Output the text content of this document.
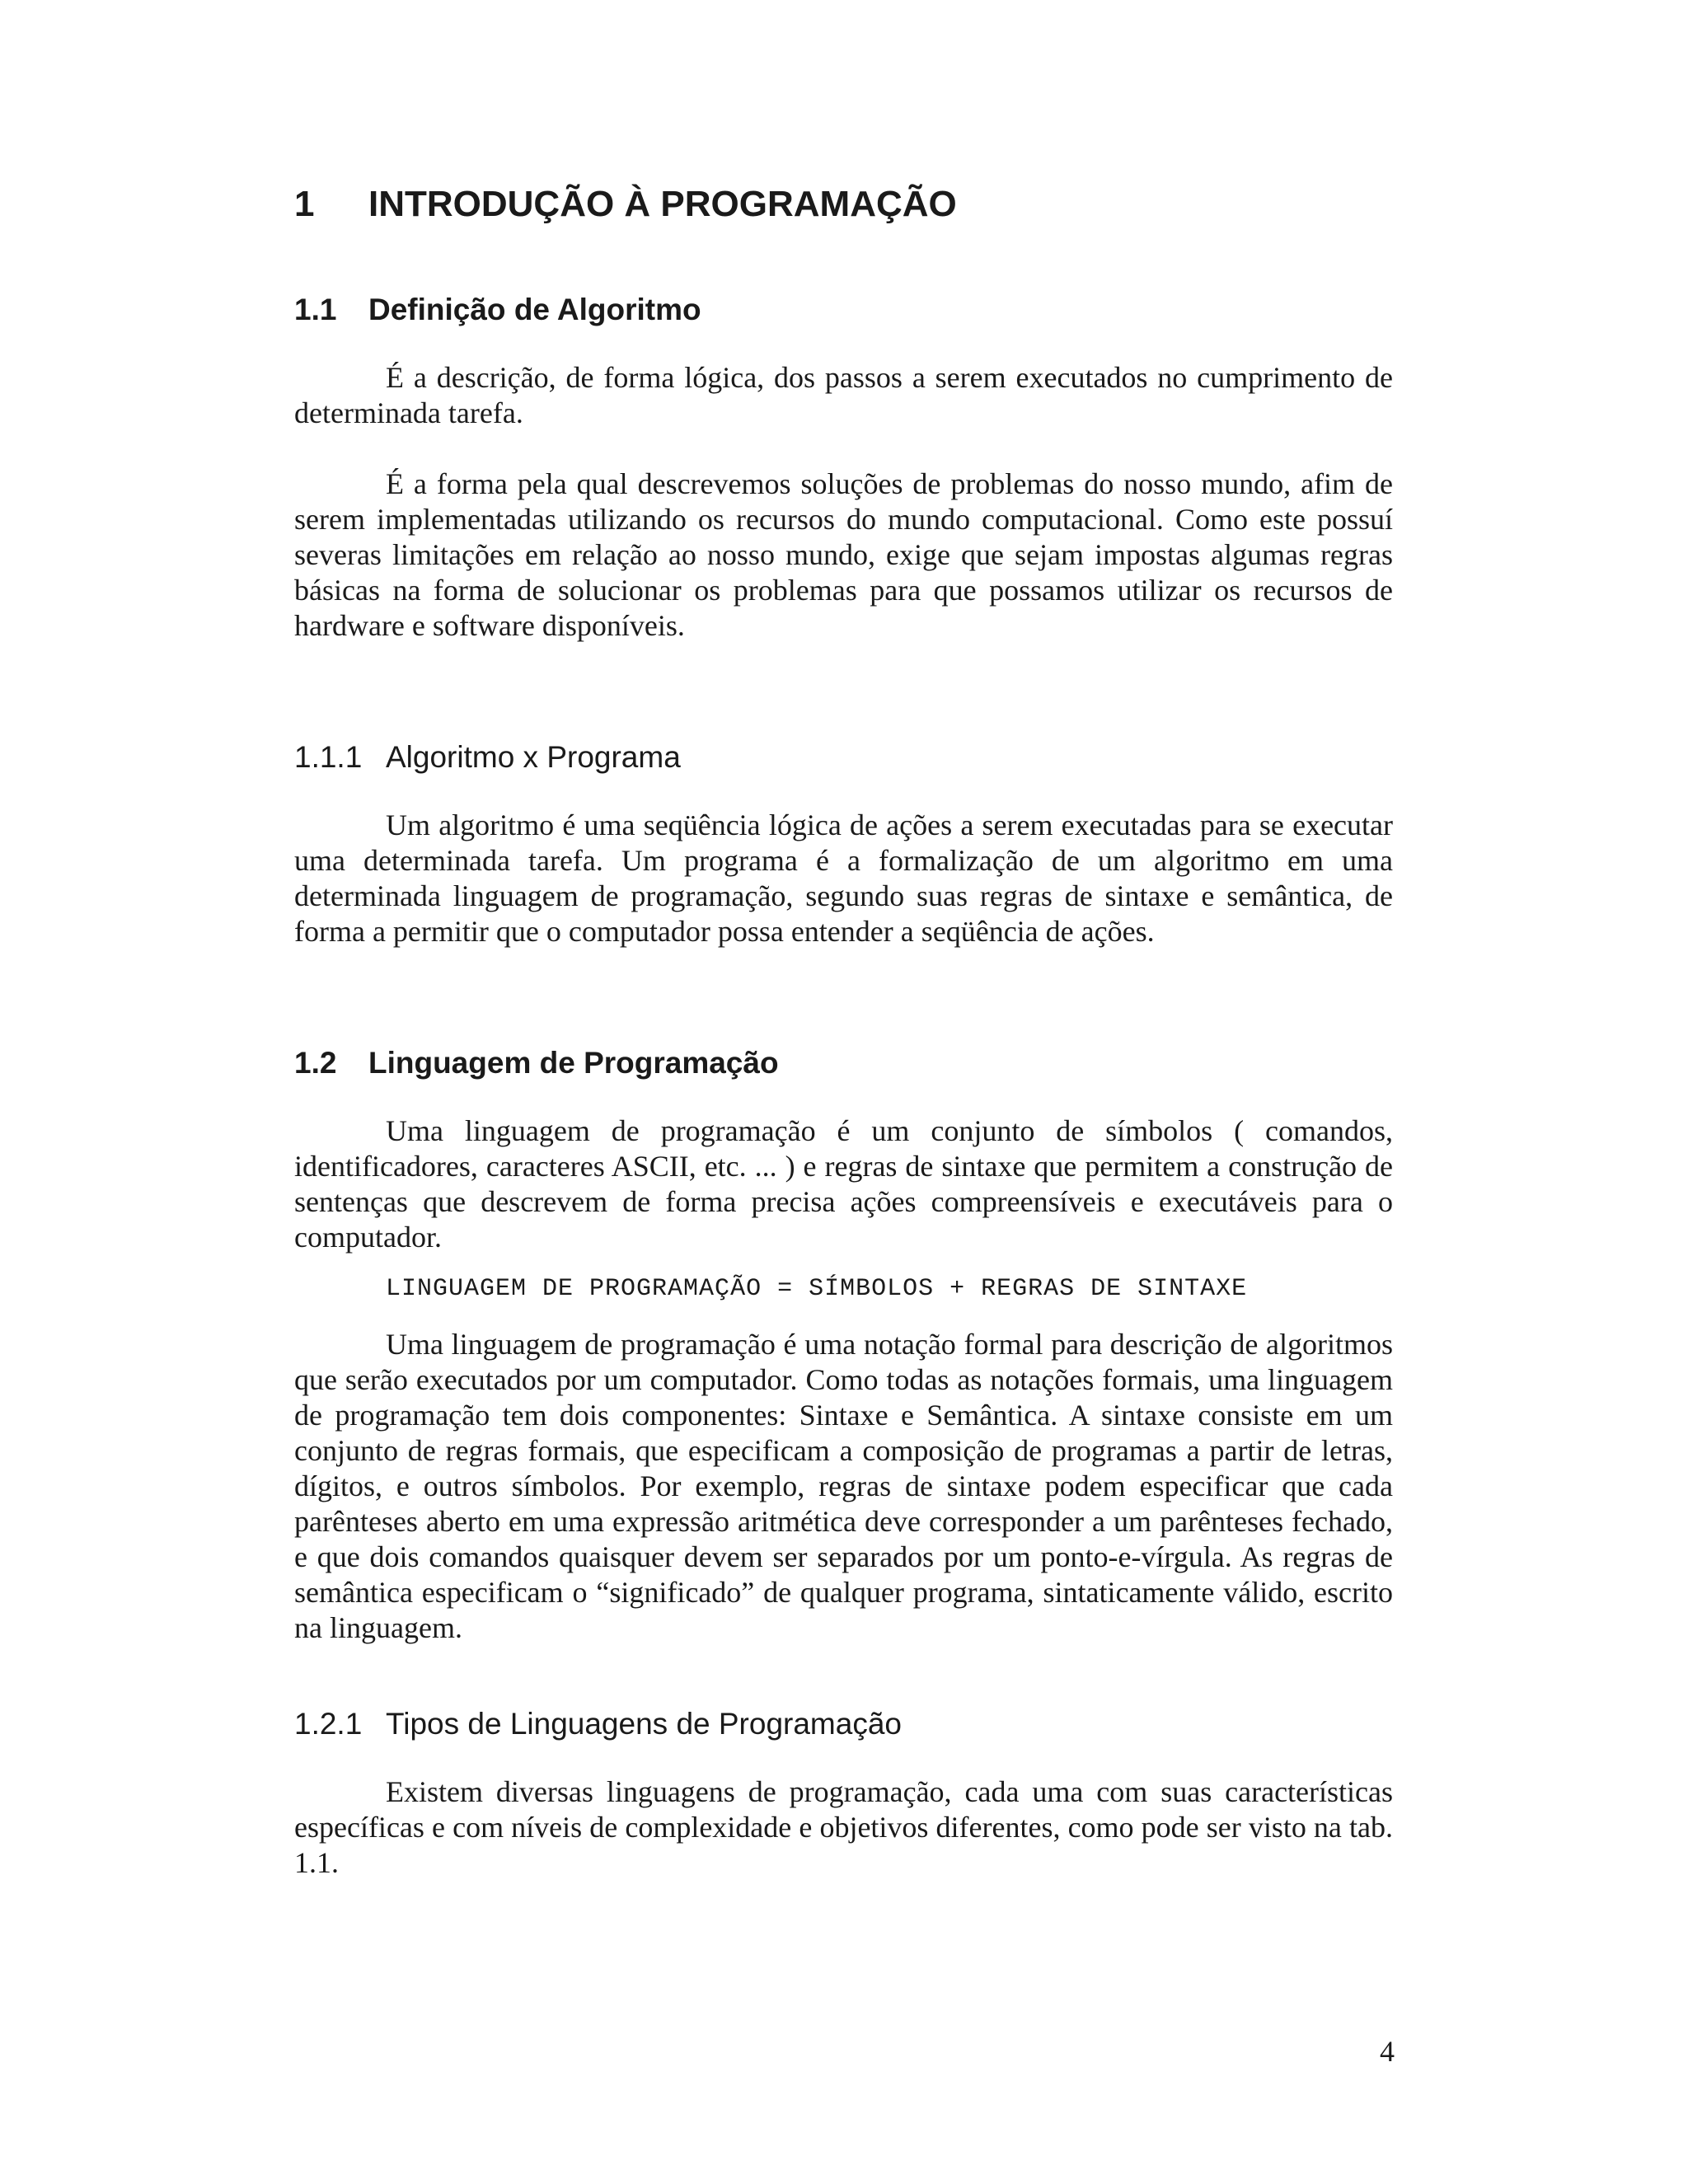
1 INTRODUÇÃO À PROGRAMAÇÃO
1.1 Definição de Algoritmo

É a descrição, de forma lógica, dos passos a serem executados no cumprimento de determinada tarefa.

É a forma pela qual descrevemos soluções de problemas do nosso mundo, afim de serem implementadas utilizando os recursos do mundo computacional. Como este possuí severas limitações em relação ao nosso mundo, exige que sejam impostas algumas regras básicas na forma de solucionar os problemas para que possamos utilizar os recursos de hardware e software disponíveis.

1.1.1 Algoritmo x Programa

Um algoritmo é uma seqüência lógica de ações a serem executadas para se executar uma determinada tarefa. Um programa é a formalização de um algoritmo em uma determinada linguagem de programação, segundo suas regras de sintaxe e semântica, de forma a permitir que o computador possa entender a seqüência de ações.

1.2 Linguagem de Programação

Uma linguagem de programação é um conjunto de símbolos ( comandos, identificadores, caracteres ASCII, etc. ... ) e regras de sintaxe que permitem a construção de sentenças que descrevem de forma precisa ações compreensíveis e executáveis para o computador.

LINGUAGEM DE PROGRAMAÇÃO = SÍMBOLOS + REGRAS DE SINTAXE

Uma linguagem de programação é uma notação formal para descrição de algoritmos que serão executados por um computador. Como todas as notações formais, uma linguagem de programação tem dois componentes: Sintaxe e Semântica. A sintaxe consiste em um conjunto de regras formais, que especificam a composição de programas a partir de letras, dígitos, e outros símbolos. Por exemplo, regras de sintaxe podem especificar que cada parênteses aberto em uma expressão aritmética deve corresponder a um parênteses fechado, e que dois comandos quaisquer devem ser separados por um ponto-e-vírgula. As regras de semântica especificam o “significado” de qualquer programa, sintaticamente válido, escrito na linguagem.

1.2.1 Tipos de Linguagens de Programação

Existem diversas linguagens de programação, cada uma com suas características específicas e com níveis de complexidade e objetivos diferentes, como pode ser visto na tab. 1.1.

4
